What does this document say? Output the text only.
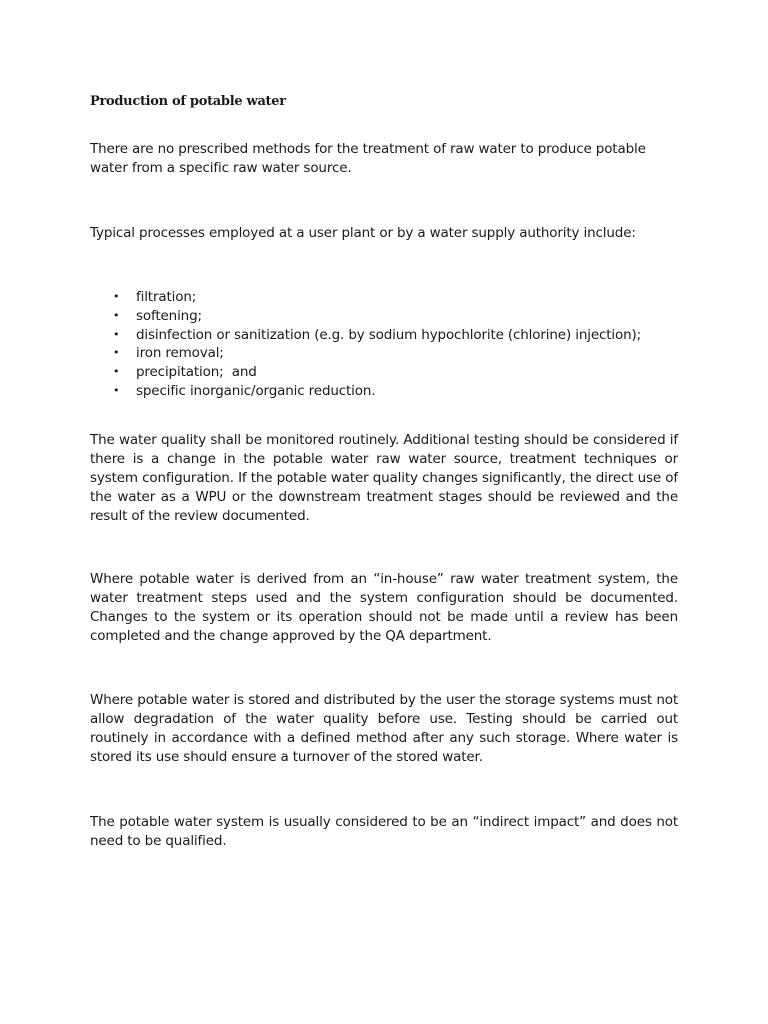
Production of potable water

There are no prescribed methods for the treatment of raw water to produce potable water from a specific raw water source.

Typical processes employed at a user plant or by a water supply authority include:

• filtration;
• softening;
• disinfection or sanitization (e.g. by sodium hypochlorite (chlorine) injection);
• iron removal;
• precipitation;  and
• specific inorganic/organic reduction.

The water quality shall be monitored routinely. Additional testing should be considered if there is a change in the potable water raw water source, treatment techniques or system configuration. If the potable water quality changes significantly, the direct use of the water as a WPU or the downstream treatment stages should be reviewed and the result of the review documented.

Where potable water is derived from an “in-house” raw water treatment system, the water treatment steps used and the system configuration should be documented. Changes to the system or its operation should not be made until a review has been completed and the change approved by the QA department.

Where potable water is stored and distributed by the user the storage systems must not allow degradation of the water quality before use. Testing should be carried out routinely in accordance with a defined method after any such storage. Where water is stored its use should ensure a turnover of the stored water.

The potable water system is usually considered to be an “indirect impact” and does not need to be qualified.
